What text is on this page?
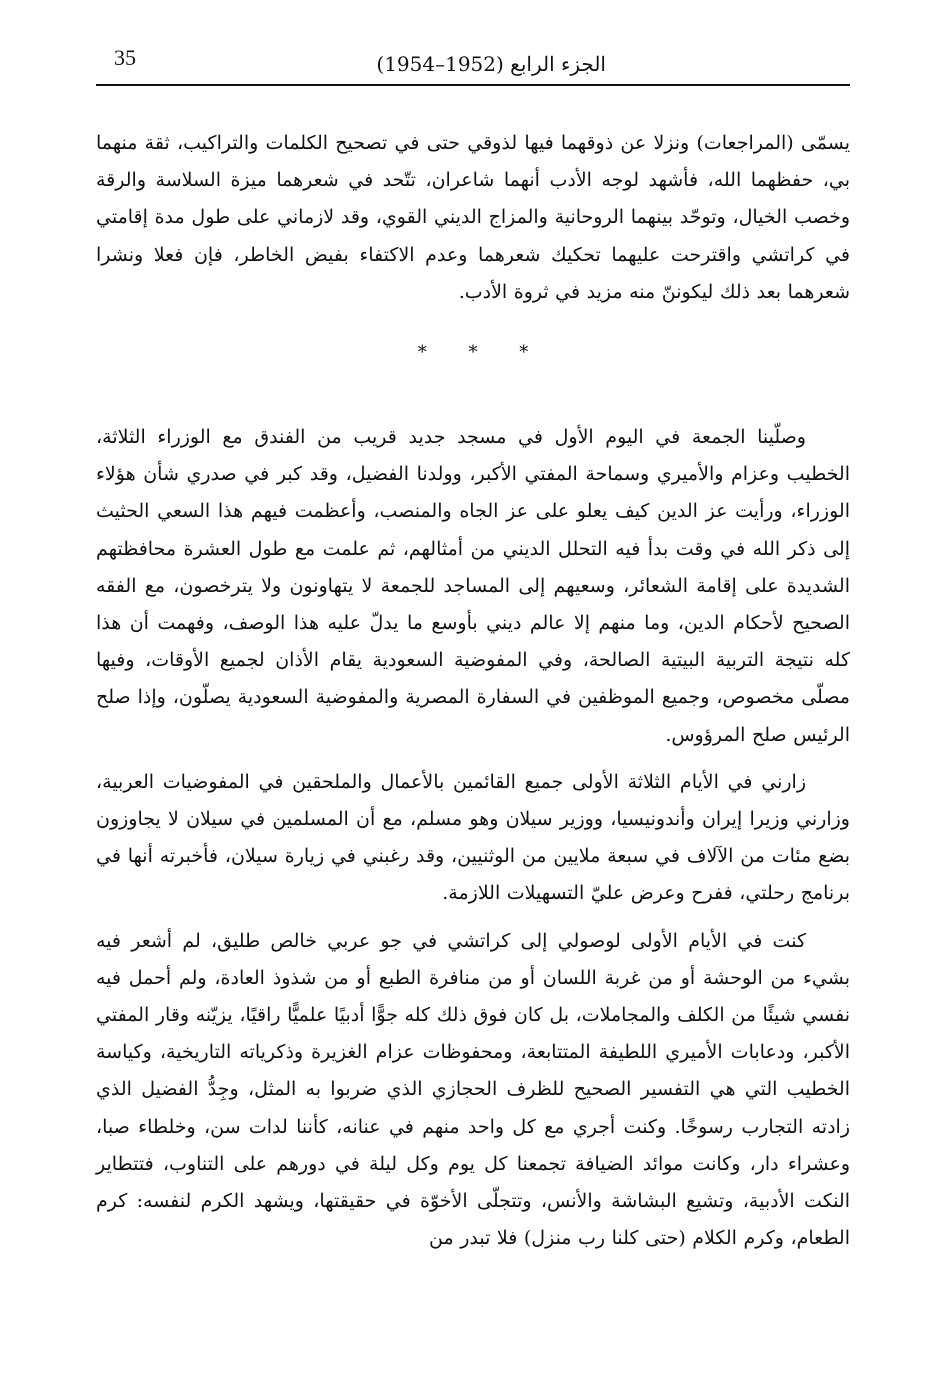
35	الجزء الرابع (1952–1954)

يسمّى (المراجعات) ونزلا عن ذوقهما فيها لذوقي حتى في تصحيح الكلمات والتراكيب، ثقة منهما بي، حفظهما الله، فأشهد لوجه الأدب أنهما شاعران، تتّحد في شعرهما ميزة السلاسة والرقة وخصب الخيال، وتوحّد بينهما الروحانية والمزاج الديني القوي، وقد لازماني على طول مدة إقامتي في كراتشي واقترحت عليهما تحكيك شعرهما وعدم الاكتفاء بفيض الخاطر، فإن فعلا ونشرا شعرهما بعد ذلك ليكوننّ منه مزيد في ثروة الأدب.

* * *

وصلّينا الجمعة في اليوم الأول في مسجد جديد قريب من الفندق مع الوزراء الثلاثة، الخطيب وعزام والأميري وسماحة المفتي الأكبر، وولدنا الفضيل، وقد كبر في صدري شأن هؤلاء الوزراء، ورأيت عز الدين كيف يعلو على عز الجاه والمنصب، وأعظمت فيهم هذا السعي الحثيث إلى ذكر الله في وقت بدأ فيه التحلل الديني من أمثالهم، ثم علمت مع طول العشرة محافظتهم الشديدة على إقامة الشعائر، وسعيهم إلى المساجد للجمعة لا يتهاونون ولا يترخصون، مع الفقه الصحيح لأحكام الدين، وما منهم إلا عالم ديني بأوسع ما يدلّ عليه هذا الوصف، وفهمت أن هذا كله نتيجة التربية البيتية الصالحة، وفي المفوضية السعودية يقام الأذان لجميع الأوقات، وفيها مصلّى مخصوص، وجميع الموظفين في السفارة المصرية والمفوضية السعودية يصلّون، وإذا صلح الرئيس صلح المرؤوس.

زارني في الأيام الثلاثة الأولى جميع القائمين بالأعمال والملحقين في المفوضيات العربية، وزارني وزيرا إيران وأندونيسيا، ووزير سيلان وهو مسلم، مع أن المسلمين في سيلان لا يجاوزون بضع مئات من الآلاف في سبعة ملايين من الوثنيين، وقد رغبني في زيارة سيلان، فأخبرته أنها في برنامج رحلتي، ففرح وعرض عليّ التسهيلات اللازمة.

كنت في الأيام الأولى لوصولي إلى كراتشي في جو عربي خالص طليق، لم أشعر فيه بشيء من الوحشة أو من غربة اللسان أو من منافرة الطبع أو من شذوذ العادة، ولم أحمل فيه نفسي شيئًا من الكلف والمجاملات، بل كان فوق ذلك كله جوًّا أدبيًا علميًّا راقيًا، يزيّنه وقار المفتي الأكبر، ودعابات الأميري اللطيفة المتتابعة، ومحفوظات عزام الغزيرة وذكرياته التاريخية، وكياسة الخطيب التي هي التفسير الصحيح للظرف الحجازي الذي ضربوا به المثل، وجِدُّ الفضيل الذي زادته التجارب رسوخًا. وكنت أجري مع كل واحد منهم في عنانه، كأننا لدات سن، وخلطاء صبا، وعشراء دار، وكانت موائد الضيافة تجمعنا كل يوم وكل ليلة في دورهم على التناوب، فتتطاير النكت الأدبية، وتشيع البشاشة والأنس، وتتجلّى الأخوّة في حقيقتها، ويشهد الكرم لنفسه: كرم الطعام، وكرم الكلام (حتى كلنا رب منزل) فلا تبدر من
